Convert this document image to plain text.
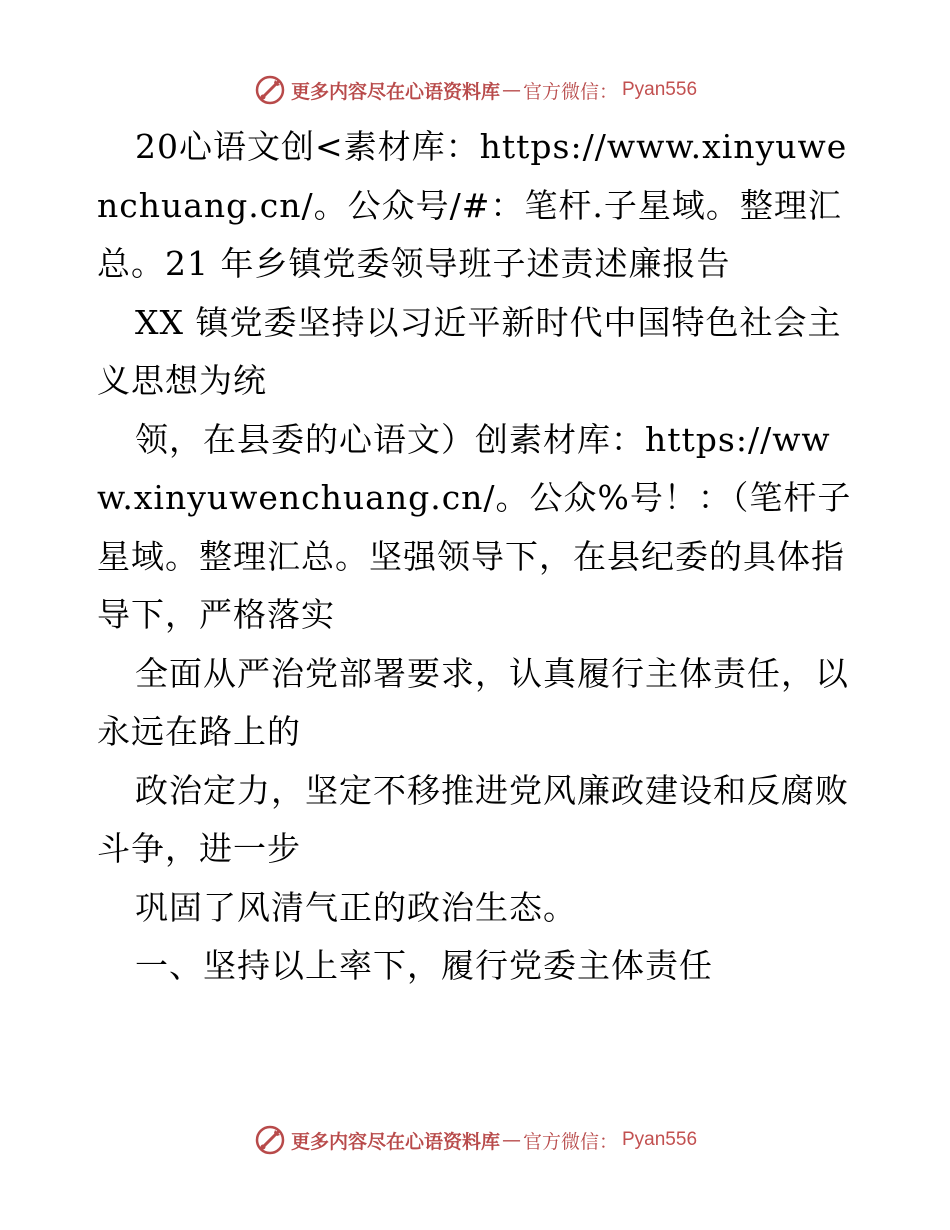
更多内容尽在心语资料库 — 官方微信： Pyan556

20心语文创<素材库：https://www.xinyuwenchuang.cn/。公众号/#：笔杆.子星域。整理汇总。21 年乡镇党委领导班子述责述廉报告

XX 镇党委坚持以习近平新时代中国特色社会主义思想为统

领，在县委的心语文）创素材库：https://www.xinyuwenchuang.cn/。公众%号！：（笔杆子星域。整理汇总。坚强领导下，在县纪委的具体指导下，严格落实

全面从严治党部署要求，认真履行主体责任，以永远在路上的

政治定力，坚定不移推进党风廉政建设和反腐败斗争，进一步

巩固了风清气正的政治生态。

一、坚持以上率下，履行党委主体责任

更多内容尽在心语资料库 — 官方微信： Pyan556
